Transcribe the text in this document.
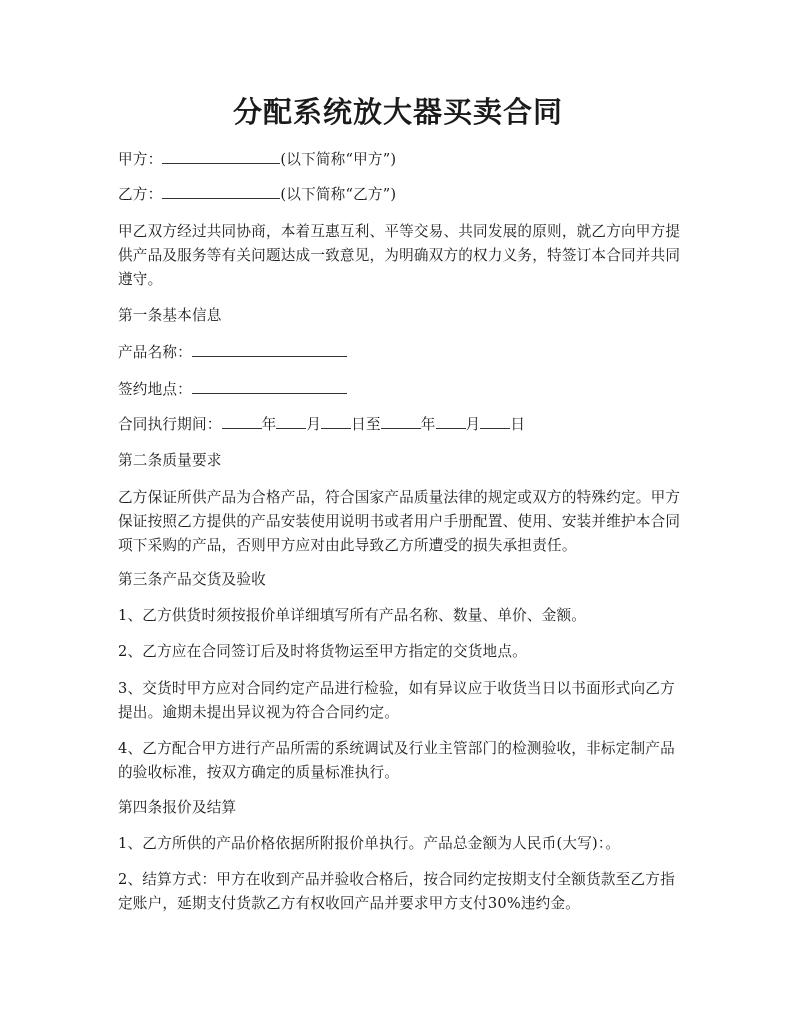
分配系统放大器买卖合同

甲方：	(以下简称“甲方”)

乙方：	(以下简称“乙方”)

甲乙双方经过共同协商，本着互惠互利、平等交易、共同发展的原则，就乙方向甲方提供产品及服务等有关问题达成一致意见，为明确双方的权力义务，特签订本合同并共同遵守。

第一条基本信息

产品名称：

签约地点：

合同执行期间：	年 月 日至	年 月 日

第二条质量要求

乙方保证所供产品为合格产品，符合国家产品质量法律的规定或双方的特殊约定。甲方保证按照乙方提供的产品安装使用说明书或者用户手册配置、使用、安装并维护本合同项下采购的产品，否则甲方应对由此导致乙方所遭受的损失承担责任。

第三条产品交货及验收

1、乙方供货时须按报价单详细填写所有产品名称、数量、单价、金额。

2、乙方应在合同签订后及时将货物运至甲方指定的交货地点。

3、交货时甲方应对合同约定产品进行检验，如有异议应于收货当日以书面形式向乙方提出。逾期未提出异议视为符合合同约定。

4、乙方配合甲方进行产品所需的系统调试及行业主管部门的检测验收，非标定制产品的验收标准，按双方确定的质量标准执行。

第四条报价及结算

1、乙方所供的产品价格依据所附报价单执行。产品总金额为人民币(大写)：。

2、结算方式：甲方在收到产品并验收合格后，按合同约定按期支付全额货款至乙方指定账户，延期支付货款乙方有权收回产品并要求甲方支付30%违约金。
